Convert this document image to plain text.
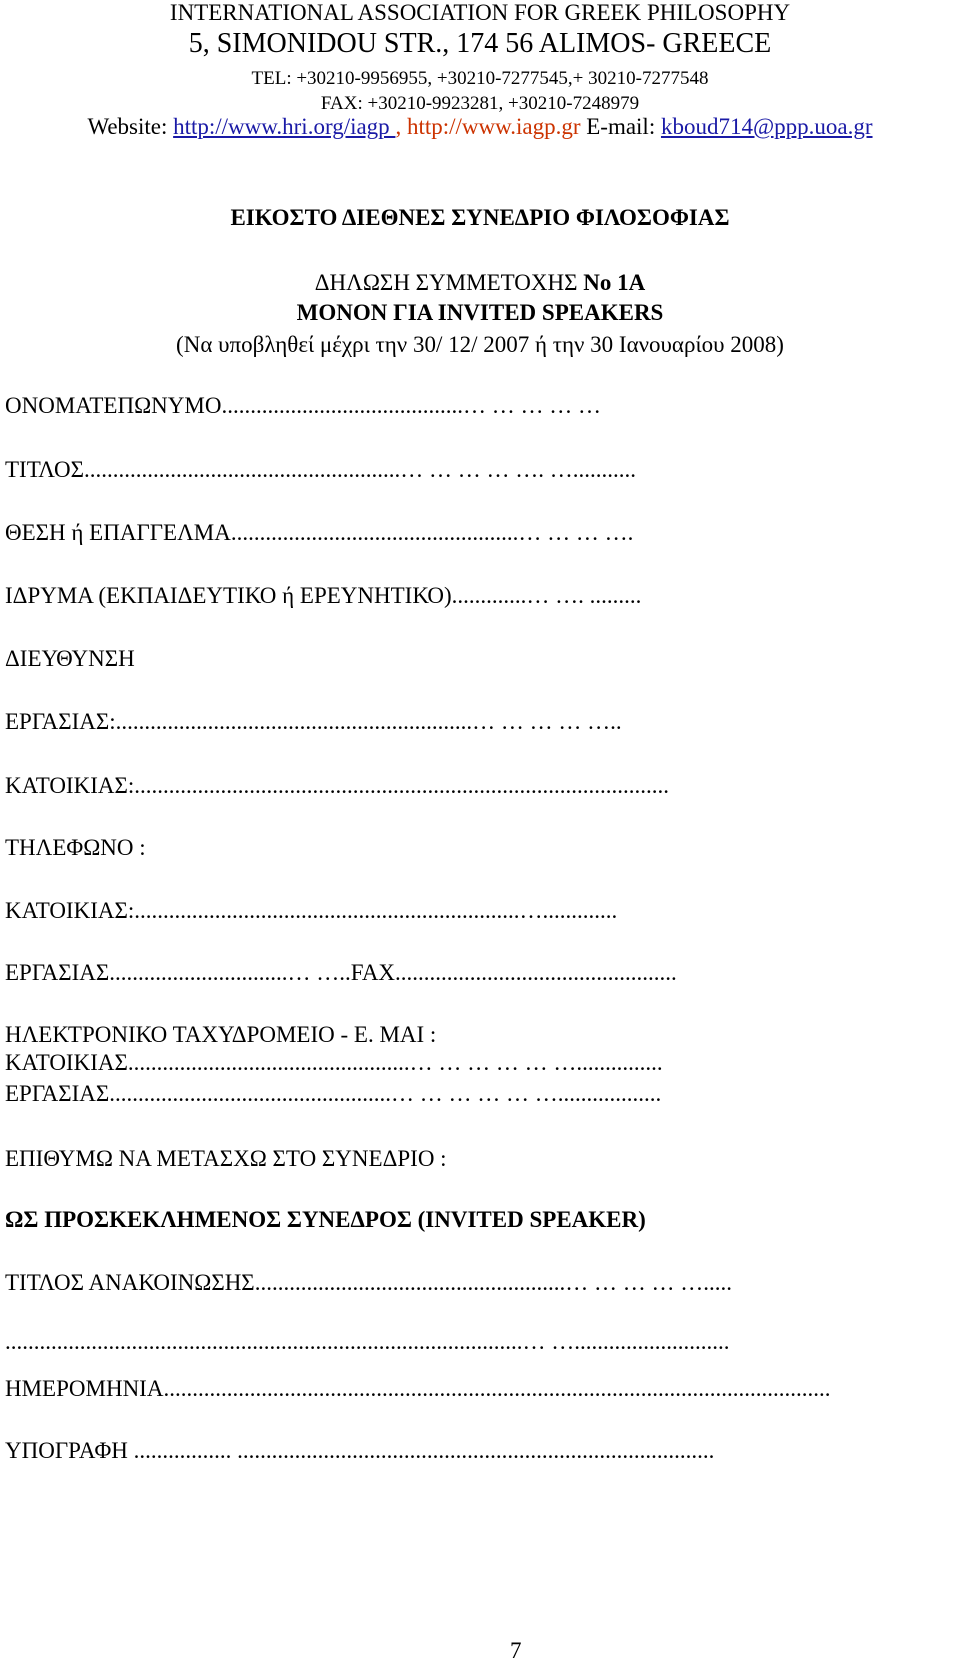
INTERNATIONAL ASSOCIATION FOR GREEK PHILOSOPHY
5, SIMONIDOU STR., 174 56 ALIMOS- GREECE
TEL: +30210-9956955, +30210-7277545,+ 30210-7277548
FAX: +30210-9923281, +30210-7248979
Website: http://www.hri.org/iagp , http://www.iagp.gr E-mail: kboud714@ppp.uoa.gr
ΕΙΚΟΣΤΟ ΔΙΕΘΝΕΣ ΣΥΝΕΔΡΙΟ ΦΙΛΟΣΟΦΙΑΣ
ΔΗΛΩΣΗ ΣΥΜΜΕΤΟΧΗΣ No 1A
ΜΟΝΟΝ ΓΙΑ INVITED SPEAKERS
(Να υποβληθεί μέχρι την 30/ 12/ 2007 ή την 30 Ιανουαρίου 2008)
ΟΝΟΜΑΤΕΠΩΝΥΜΟ..........................................… … … … …
ΤΙΤΛΟΣ.......................................................… … … … …. …...........
ΘΕΣΗ ή ΕΠΑΓΓΕΛΜΑ..................................................… … … ….
ΙΔΡΥΜΑ (ΕΚΠΑΙΔΕΥΤΙΚΟ ή ΕΡΕΥΝΗΤΙΚΟ).............… …. .........
ΔΙΕΥΘΥΝΣΗ
ΕΡΓΑΣΙΑΣ:..............................................................… … … … …..
ΚΑΤΟΙΚΙΑΣ:.............................................................................................
ΤΗΛΕΦΩΝΟ :
ΚΑΤΟΙΚΙΑΣ:...................................................................….............
ΕΡΓΑΣΙΑΣ...............................… …..FAX.................................................
ΗΛΕΚΤΡΟΝΙΚΟ ΤΑΧΥΔΡΟΜΕΙΟ - Ε. ΜΑΙ :
ΚΑΤΟΙΚΙΑΣ.................................................… … … … … …...............
ΕΡΓΑΣΙΑΣ.................................................… … … … … …..................
ΕΠΙΘΥΜΩ ΝΑ ΜΕΤΑΣΧΩ ΣΤΟ ΣΥΝΕΔΡΙΟ :
ΩΣ ΠΡΟΣΚΕΚΛΗΜΕΝΟΣ ΣΥΝΕΔΡΟΣ (INVITED SPEAKER)
ΤΙΤΛΟΣ ΑΝΑΚΟΙΝΩΣΗΣ......................................................… … … … ….....
..........................................................................................… …...........................
ΗΜΕΡΟΜΗΝΙΑ....................................................................................................................
ΥΠΟΓΡΑΦΗ ................. ...................................................................................
7
